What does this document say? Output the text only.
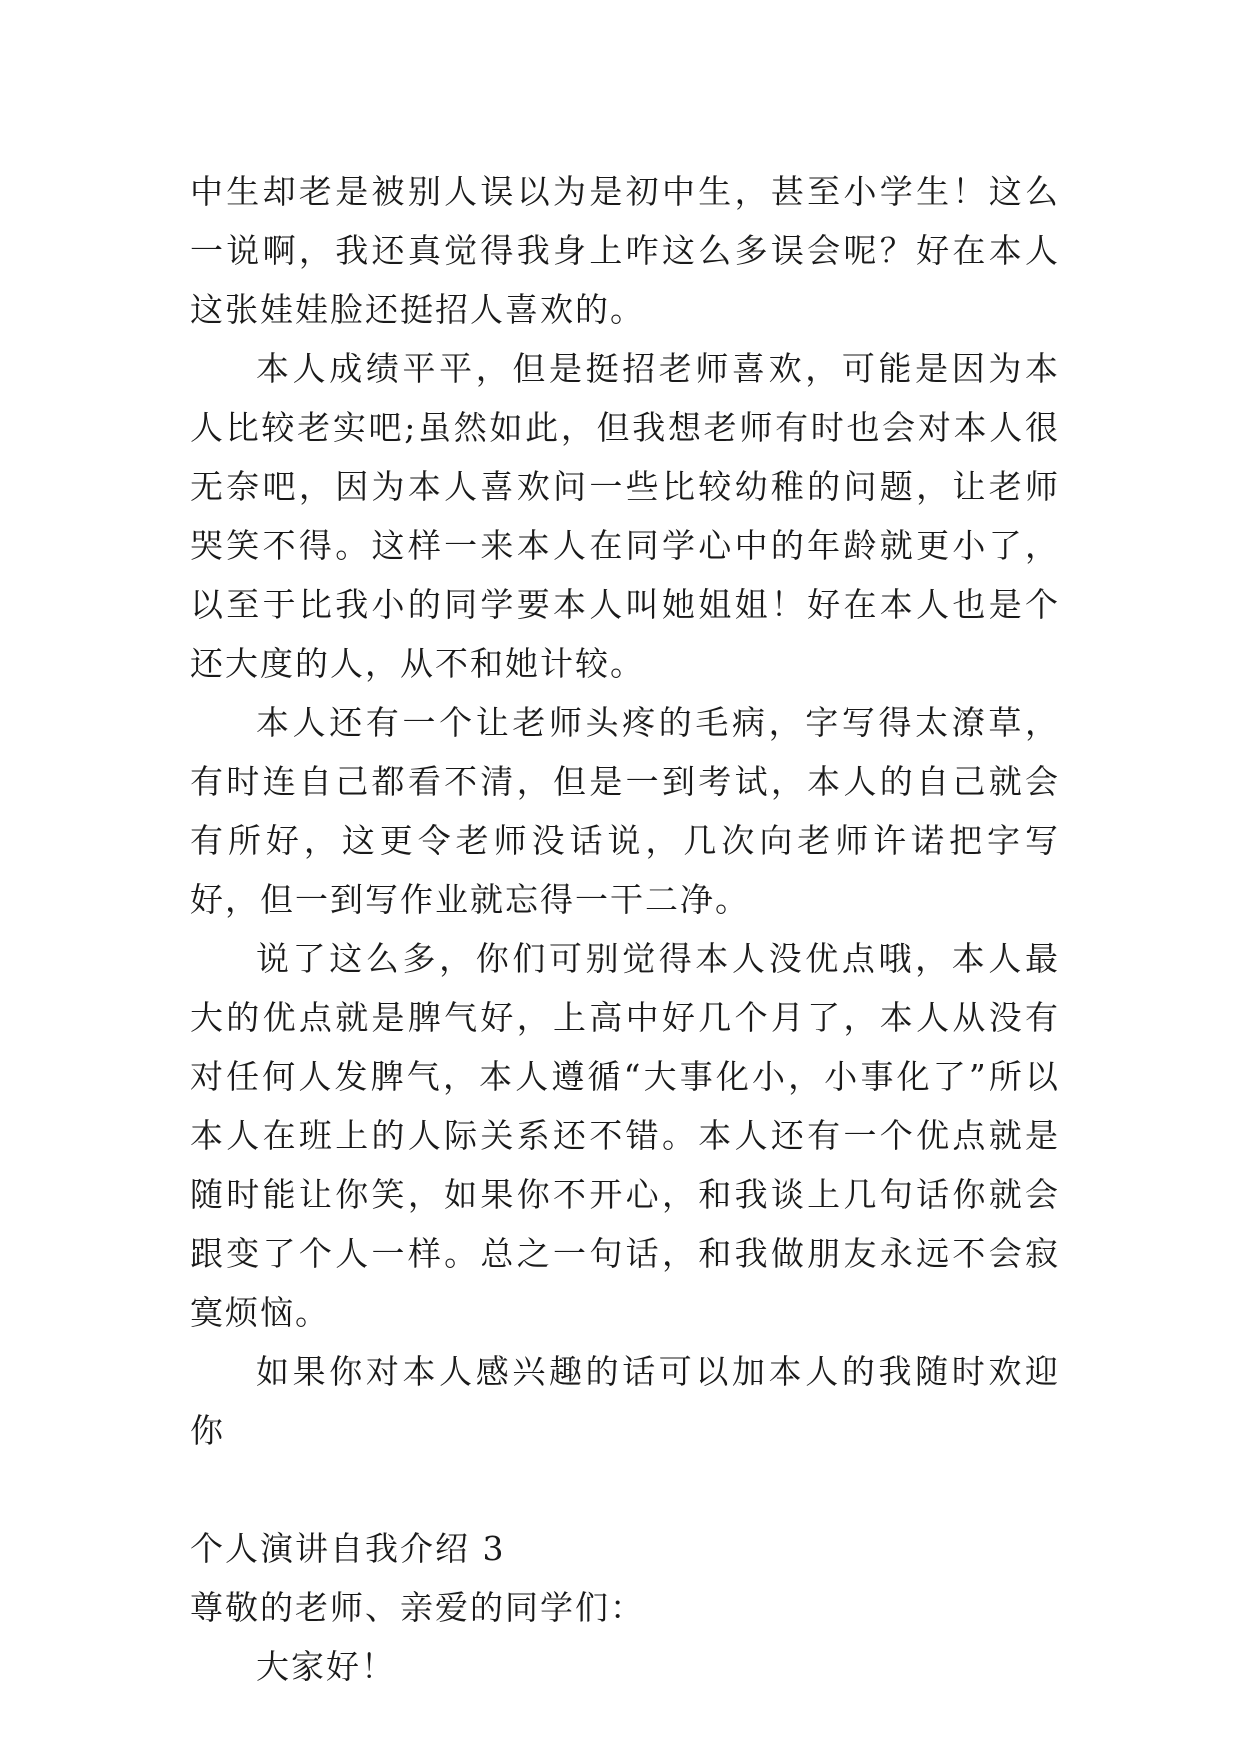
中生却老是被别人误以为是初中生，甚至小学生！这么一说啊，我还真觉得我身上咋这么多误会呢？好在本人这张娃娃脸还挺招人喜欢的。

本人成绩平平，但是挺招老师喜欢，可能是因为本人比较老实吧;虽然如此，但我想老师有时也会对本人很无奈吧，因为本人喜欢问一些比较幼稚的问题，让老师哭笑不得。这样一来本人在同学心中的年龄就更小了，以至于比我小的同学要本人叫她姐姐！好在本人也是个还大度的人，从不和她计较。

本人还有一个让老师头疼的毛病，字写得太潦草，有时连自己都看不清，但是一到考试，本人的自己就会有所好，这更令老师没话说，几次向老师许诺把字写好，但一到写作业就忘得一干二净。

说了这么多，你们可别觉得本人没优点哦，本人最大的优点就是脾气好，上高中好几个月了，本人从没有对任何人发脾气，本人遵循“大事化小，小事化了”所以本人在班上的人际关系还不错。本人还有一个优点就是随时能让你笑，如果你不开心，和我谈上几句话你就会跟变了个人一样。总之一句话，和我做朋友永远不会寂寞烦恼。

如果你对本人感兴趣的话可以加本人的我随时欢迎你

个人演讲自我介绍 3

尊敬的老师、亲爱的同学们：

大家好！
